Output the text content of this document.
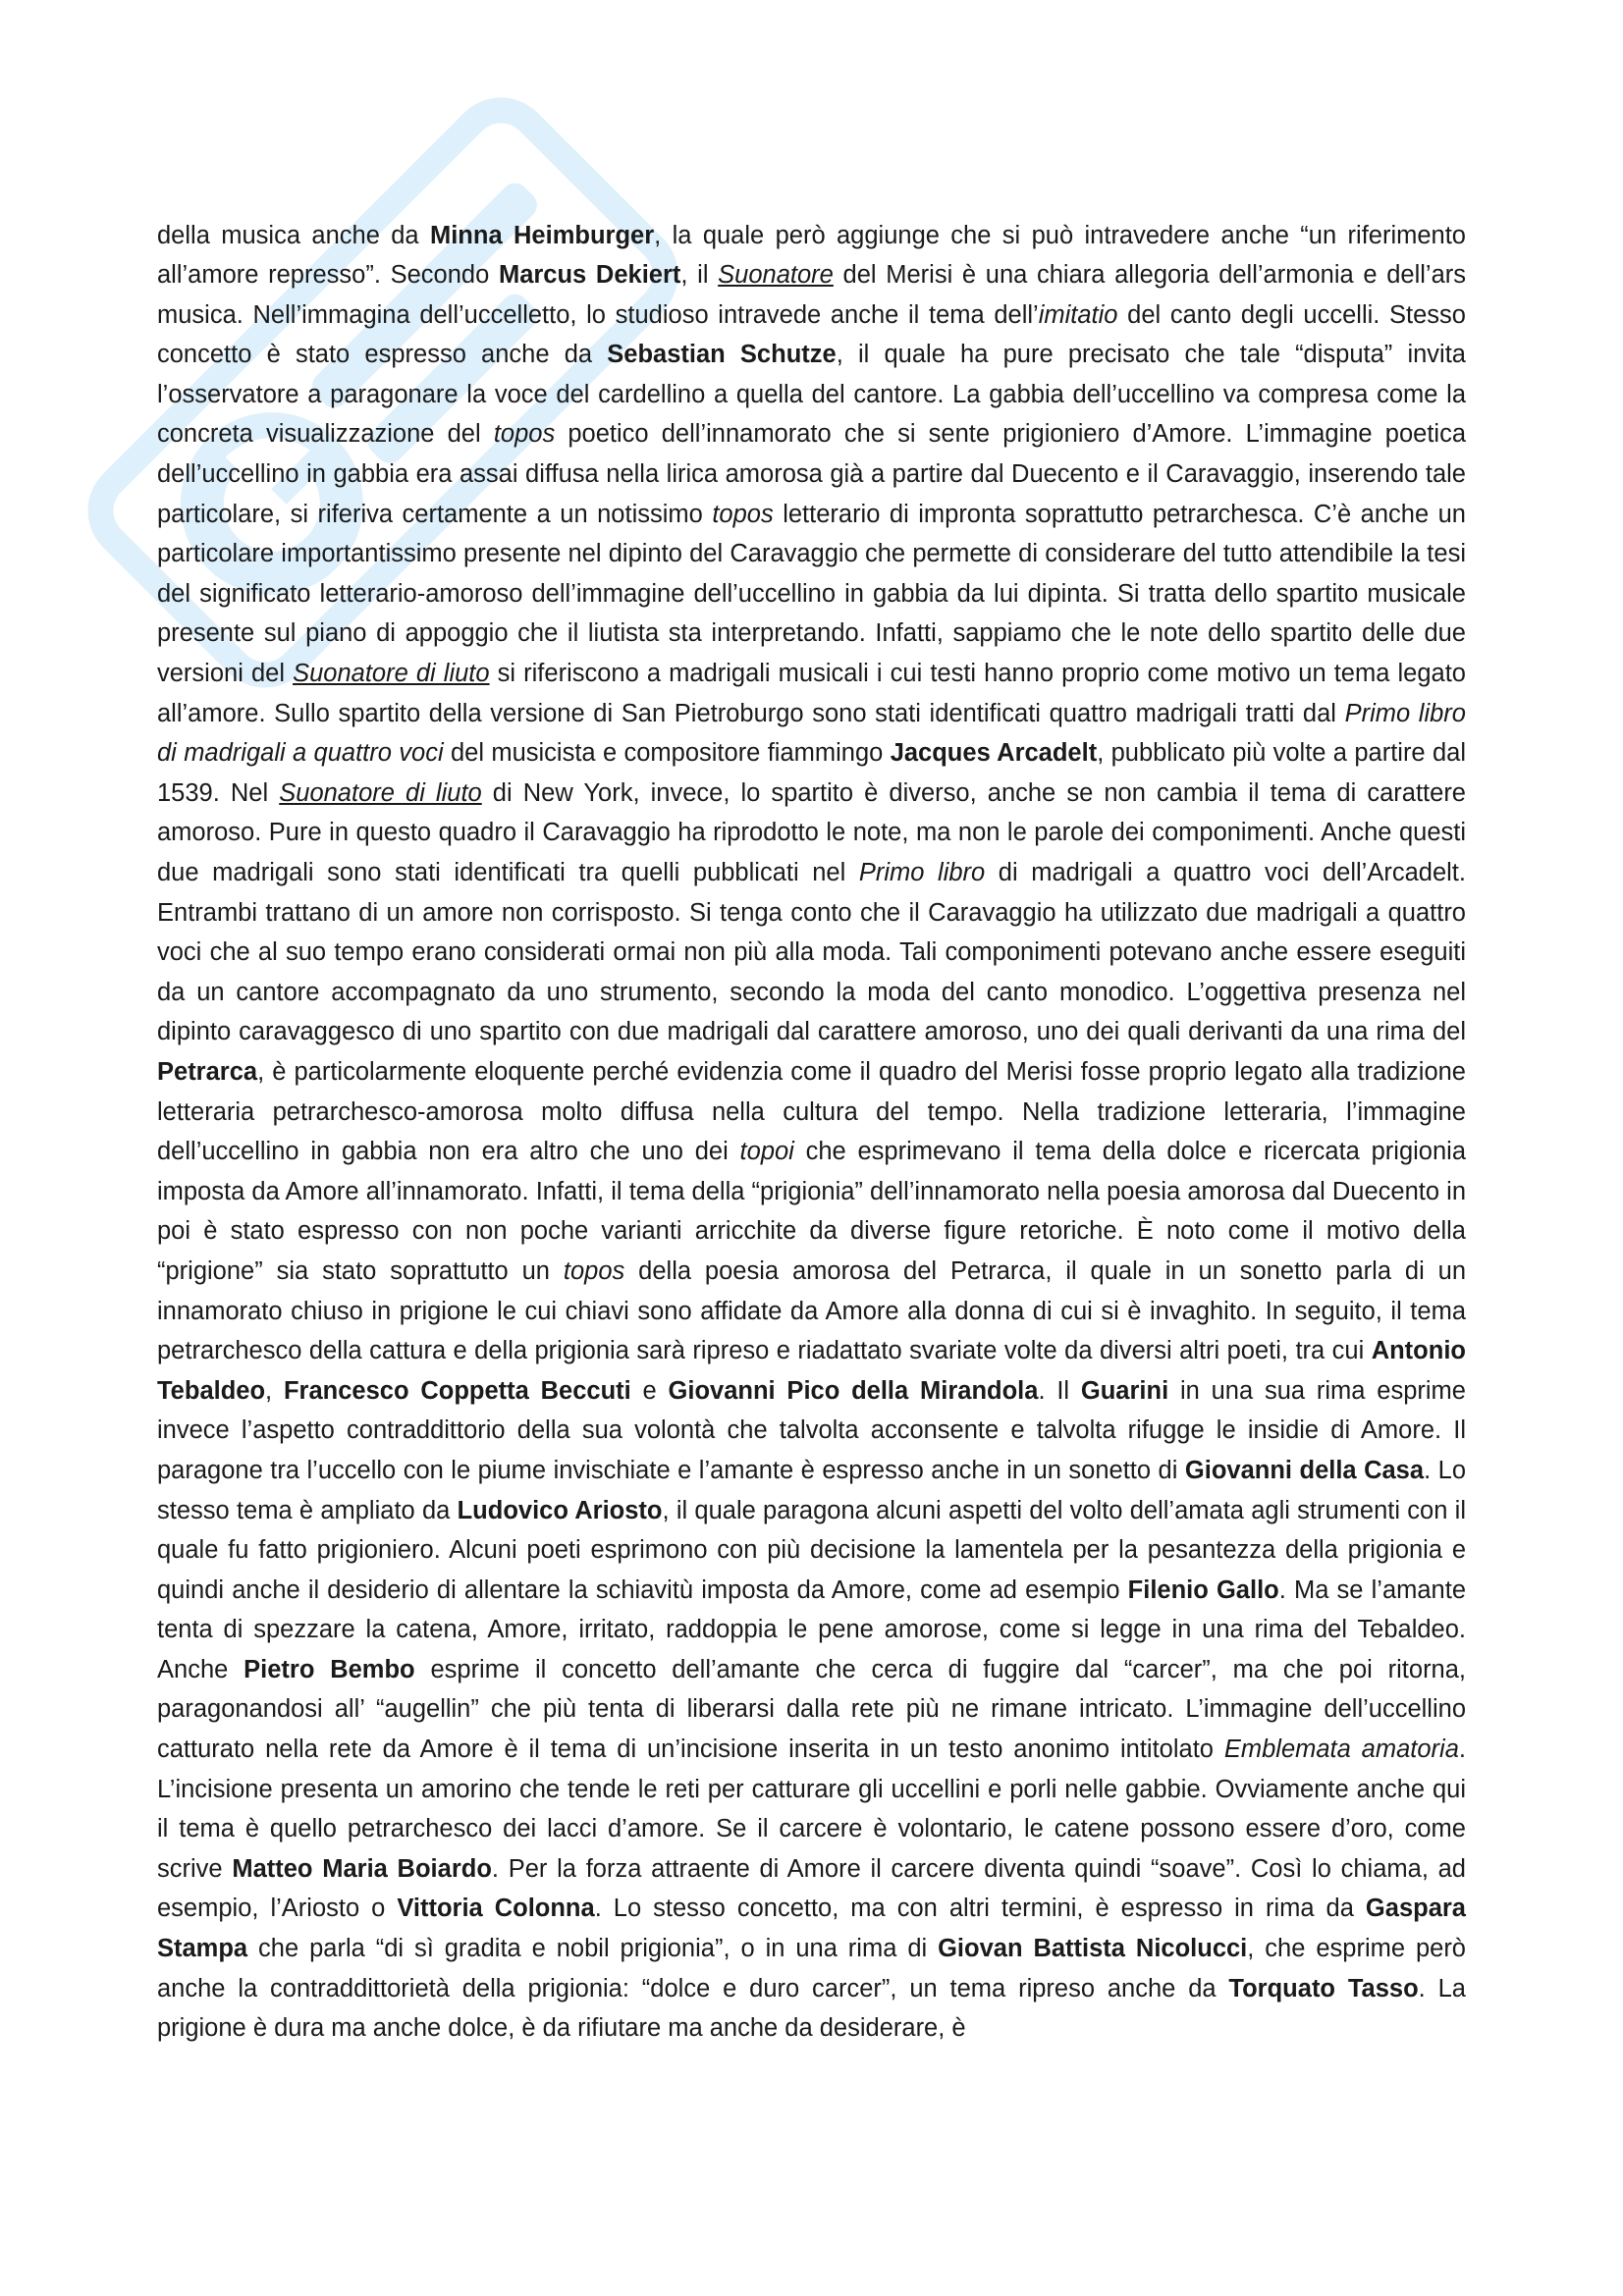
della musica anche da Minna Heimburger, la quale però aggiunge che si può intravedere anche “un riferimento all’amore represso”. Secondo Marcus Dekiert, il Suonatore del Merisi è una chiara allegoria dell’armonia e dell’ars musica. Nell’immagina dell’uccelletto, lo studioso intravede anche il tema dell’imitatio del canto degli uccelli. Stesso concetto è stato espresso anche da Sebastian Schutze, il quale ha pure precisato che tale “disputa” invita l’osservatore a paragonare la voce del cardellino a quella del cantore. La gabbia dell’uccellino va compresa come la concreta visualizzazione del topos poetico dell’innamorato che si sente prigioniero d’Amore. L’immagine poetica dell’uccellino in gabbia era assai diffusa nella lirica amorosa già a partire dal Duecento e il Caravaggio, inserendo tale particolare, si riferiva certamente a un notissimo topos letterario di impronta soprattutto petrarchesca. C’è anche un particolare importantissimo presente nel dipinto del Caravaggio che permette di considerare del tutto attendibile la tesi del significato letterario-amoroso dell’immagine dell’uccellino in gabbia da lui dipinta. Si tratta dello spartito musicale presente sul piano di appoggio che il liutista sta interpretando. Infatti, sappiamo che le note dello spartito delle due versioni del Suonatore di liuto si riferiscono a madrigali musicali i cui testi hanno proprio come motivo un tema legato all’amore. Sullo spartito della versione di San Pietroburgo sono stati identificati quattro madrigali tratti dal Primo libro di madrigali a quattro voci del musicista e compositore fiammingo Jacques Arcadelt, pubblicato più volte a partire dal 1539. Nel Suonatore di liuto di New York, invece, lo spartito è diverso, anche se non cambia il tema di carattere amoroso. Pure in questo quadro il Caravaggio ha riprodotto le note, ma non le parole dei componimenti. Anche questi due madrigali sono stati identificati tra quelli pubblicati nel Primo libro di madrigali a quattro voci dell’Arcadelt. Entrambi trattano di un amore non corrisposto. Si tenga conto che il Caravaggio ha utilizzato due madrigali a quattro voci che al suo tempo erano considerati ormai non più alla moda. Tali componimenti potevano anche essere eseguiti da un cantore accompagnato da uno strumento, secondo la moda del canto monodico. L’oggettiva presenza nel dipinto caravaggesco di uno spartito con due madrigali dal carattere amoroso, uno dei quali derivanti da una rima del Petrarca, è particolarmente eloquente perché evidenzia come il quadro del Merisi fosse proprio legato alla tradizione letteraria petrarchesco-amorosa molto diffusa nella cultura del tempo. Nella tradizione letteraria, l’immagine dell’uccellino in gabbia non era altro che uno dei topoi che esprimevano il tema della dolce e ricercata prigionia imposta da Amore all’innamorato. Infatti, il tema della “prigionia” dell’innamorato nella poesia amorosa dal Duecento in poi è stato espresso con non poche varianti arricchite da diverse figure retoriche. È noto come il motivo della “prigione” sia stato soprattutto un topos della poesia amorosa del Petrarca, il quale in un sonetto parla di un innamorato chiuso in prigione le cui chiavi sono affidate da Amore alla donna di cui si è invaghito. In seguito, il tema petrarchesco della cattura e della prigionia sarà ripreso e riadattato svariate volte da diversi altri poeti, tra cui Antonio Tebaldeo, Francesco Coppetta Beccuti e Giovanni Pico della Mirandola. Il Guarini in una sua rima esprime invece l’aspetto contraddittorio della sua volontà che talvolta acconsente e talvolta rifugge le insidie di Amore. Il paragone tra l’uccello con le piume invischiate e l’amante è espresso anche in un sonetto di Giovanni della Casa. Lo stesso tema è ampliato da Ludovico Ariosto, il quale paragona alcuni aspetti del volto dell’amata agli strumenti con il quale fu fatto prigioniero. Alcuni poeti esprimono con più decisione la lamentela per la pesantezza della prigionia e quindi anche il desiderio di allentare la schiavitù imposta da Amore, come ad esempio Filenio Gallo. Ma se l’amante tenta di spezzare la catena, Amore, irritato, raddoppia le pene amorose, come si legge in una rima del Tebaldeo. Anche Pietro Bembo esprime il concetto dell’amante che cerca di fuggire dal “carcer”, ma che poi ritorna, paragonandosi all’ “augellin” che più tenta di liberarsi dalla rete più ne rimane intricato. L’immagine dell’uccellino catturato nella rete da Amore è il tema di un’incisione inserita in un testo anonimo intitolato Emblemata amatoria. L’incisione presenta un amorino che tende le reti per catturare gli uccellini e porli nelle gabbie. Ovviamente anche qui il tema è quello petrarchesco dei lacci d’amore. Se il carcere è volontario, le catene possono essere d’oro, come scrive Matteo Maria Boiardo. Per la forza attraente di Amore il carcere diventa quindi “soave”. Così lo chiama, ad esempio, l’Ariosto o Vittoria Colonna. Lo stesso concetto, ma con altri termini, è espresso in rima da Gaspara Stampa che parla “di sì gradita e nobil prigionia”, o in una rima di Giovan Battista Nicolucci, che esprime però anche la contraddittorietà della prigionia: “dolce e duro carcer”, un tema ripreso anche da Torquato Tasso. La prigione è dura ma anche dolce, è da rifiutare ma anche da desiderare, è
